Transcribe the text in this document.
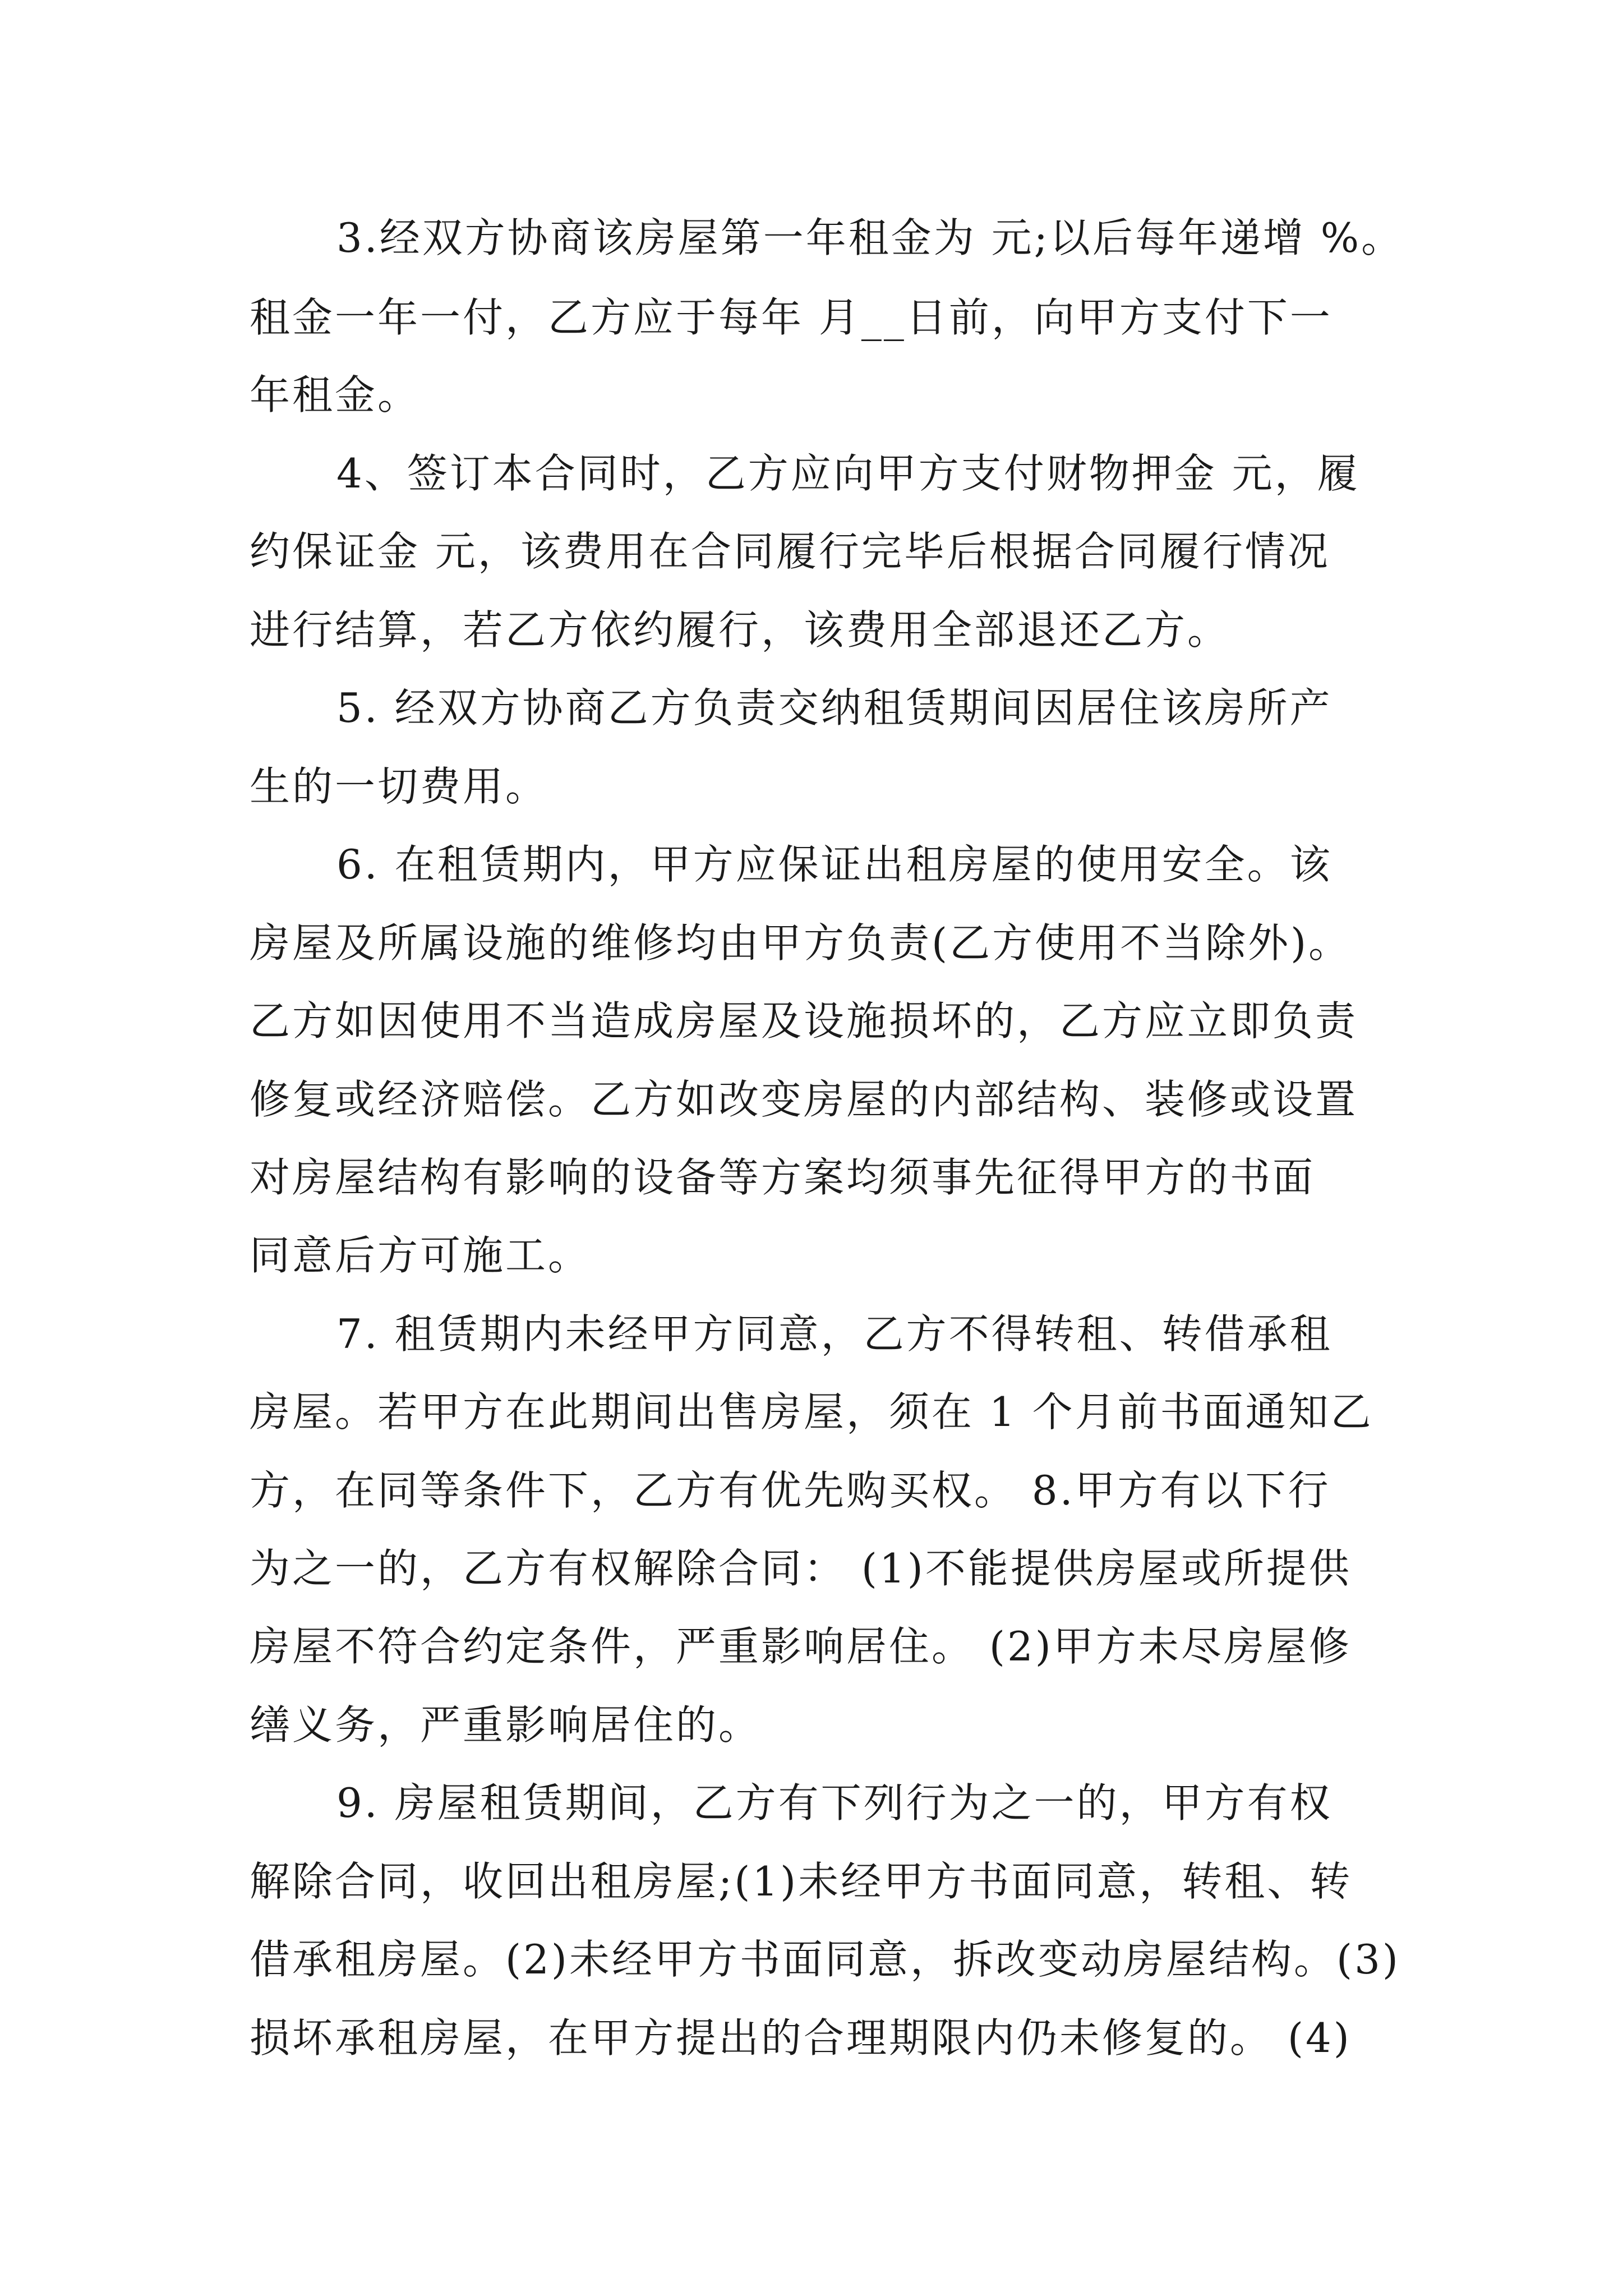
3.经双方协商该房屋第一年租金为 元;以后每年递增 %。
租金一年一付，乙方应于每年 月__日前，向甲方支付下一
年租金。
4、签订本合同时，乙方应向甲方支付财物押金 元，履
约保证金 元，该费用在合同履行完毕后根据合同履行情况
进行结算，若乙方依约履行，该费用全部退还乙方。
5. 经双方协商乙方负责交纳租赁期间因居住该房所产
生的一切费用。
6. 在租赁期内，甲方应保证出租房屋的使用安全。该
房屋及所属设施的维修均由甲方负责(乙方使用不当除外)。
乙方如因使用不当造成房屋及设施损坏的，乙方应立即负责
修复或经济赔偿。乙方如改变房屋的内部结构、装修或设置
对房屋结构有影响的设备等方案均须事先征得甲方的书面
同意后方可施工。
7. 租赁期内未经甲方同意，乙方不得转租、转借承租
房屋。若甲方在此期间出售房屋，须在 1 个月前书面通知乙
方，在同等条件下，乙方有优先购买权。 8.甲方有以下行
为之一的，乙方有权解除合同： (1)不能提供房屋或所提供
房屋不符合约定条件，严重影响居住。 (2)甲方未尽房屋修
缮义务，严重影响居住的。
9. 房屋租赁期间，乙方有下列行为之一的，甲方有权
解除合同，收回出租房屋;(1)未经甲方书面同意，转租、转
借承租房屋。(2)未经甲方书面同意，拆改变动房屋结构。(3)
损坏承租房屋，在甲方提出的合理期限内仍未修复的。 (4)
